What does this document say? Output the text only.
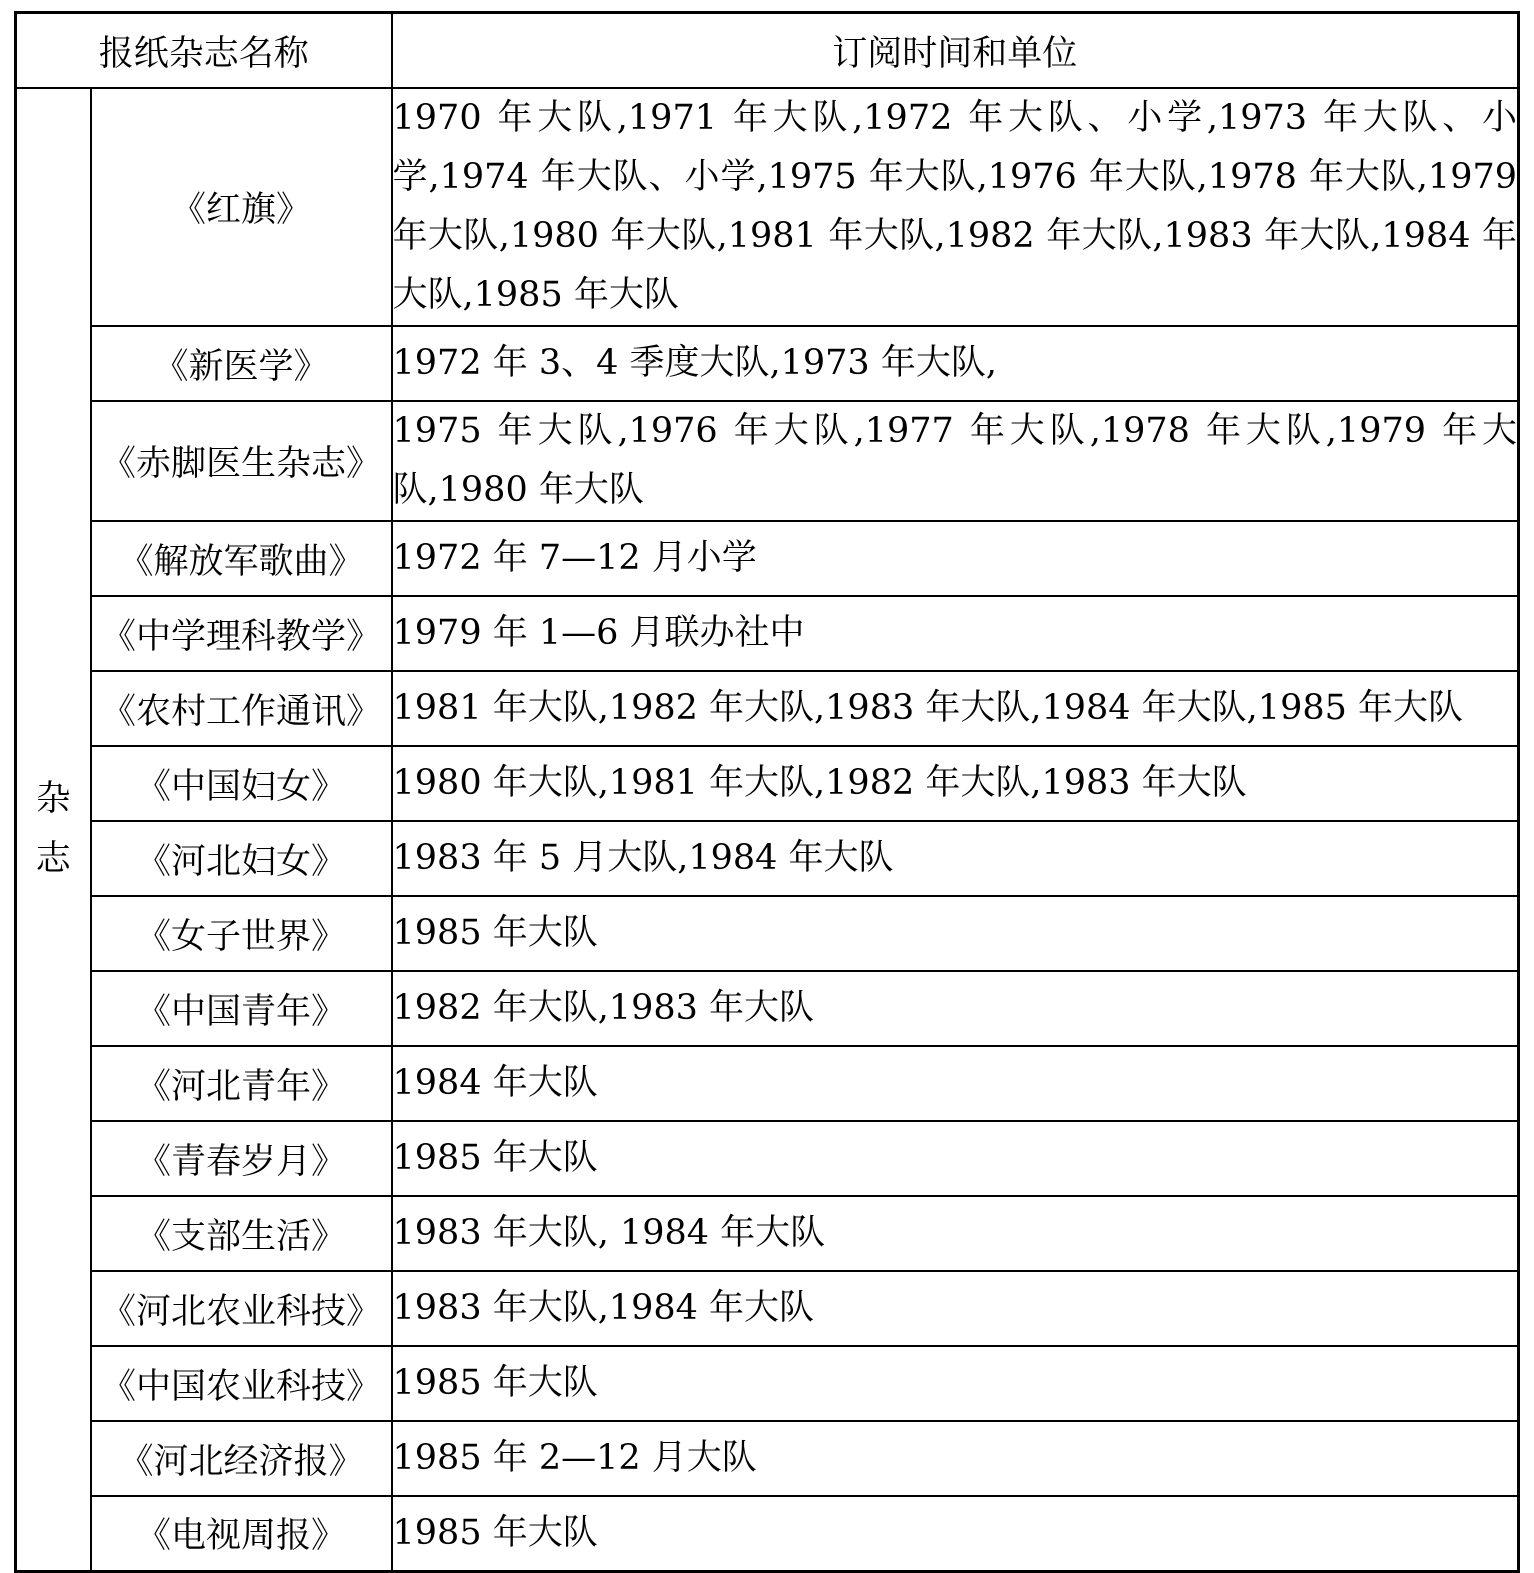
报纸杂志名称		订阅时间和单位

杂
志	《红旗》	1970 年大队,1971 年大队,1972 年大队、小学,1973 年大队、小学,1974 年大队、小学,1975 年大队,1976 年大队,1978 年大队,1979 年大队,1980 年大队,1981 年大队,1982 年大队,1983 年大队,1984 年大队,1985 年大队
	《新医学》	1972 年 3、4 季度大队,1973 年大队,
	《赤脚医生杂志》	1975 年大队,1976 年大队,1977 年大队,1978 年大队,1979 年大队,1980 年大队
	《解放军歌曲》	1972 年 7—12 月小学
	《中学理科教学》	1979 年 1—6 月联办社中
	《农村工作通讯》	1981 年大队,1982 年大队,1983 年大队,1984 年大队,1985 年大队
	《中国妇女》	1980 年大队,1981 年大队,1982 年大队,1983 年大队
	《河北妇女》	1983 年 5 月大队,1984 年大队
	《女子世界》	1985 年大队
	《中国青年》	1982 年大队,1983 年大队
	《河北青年》	1984 年大队
	《青春岁月》	1985 年大队
	《支部生活》	1983 年大队, 1984 年大队
	《河北农业科技》	1983 年大队,1984 年大队
	《中国农业科技》	1985 年大队
	《河北经济报》	1985 年 2—12 月大队
	《电视周报》	1985 年大队
